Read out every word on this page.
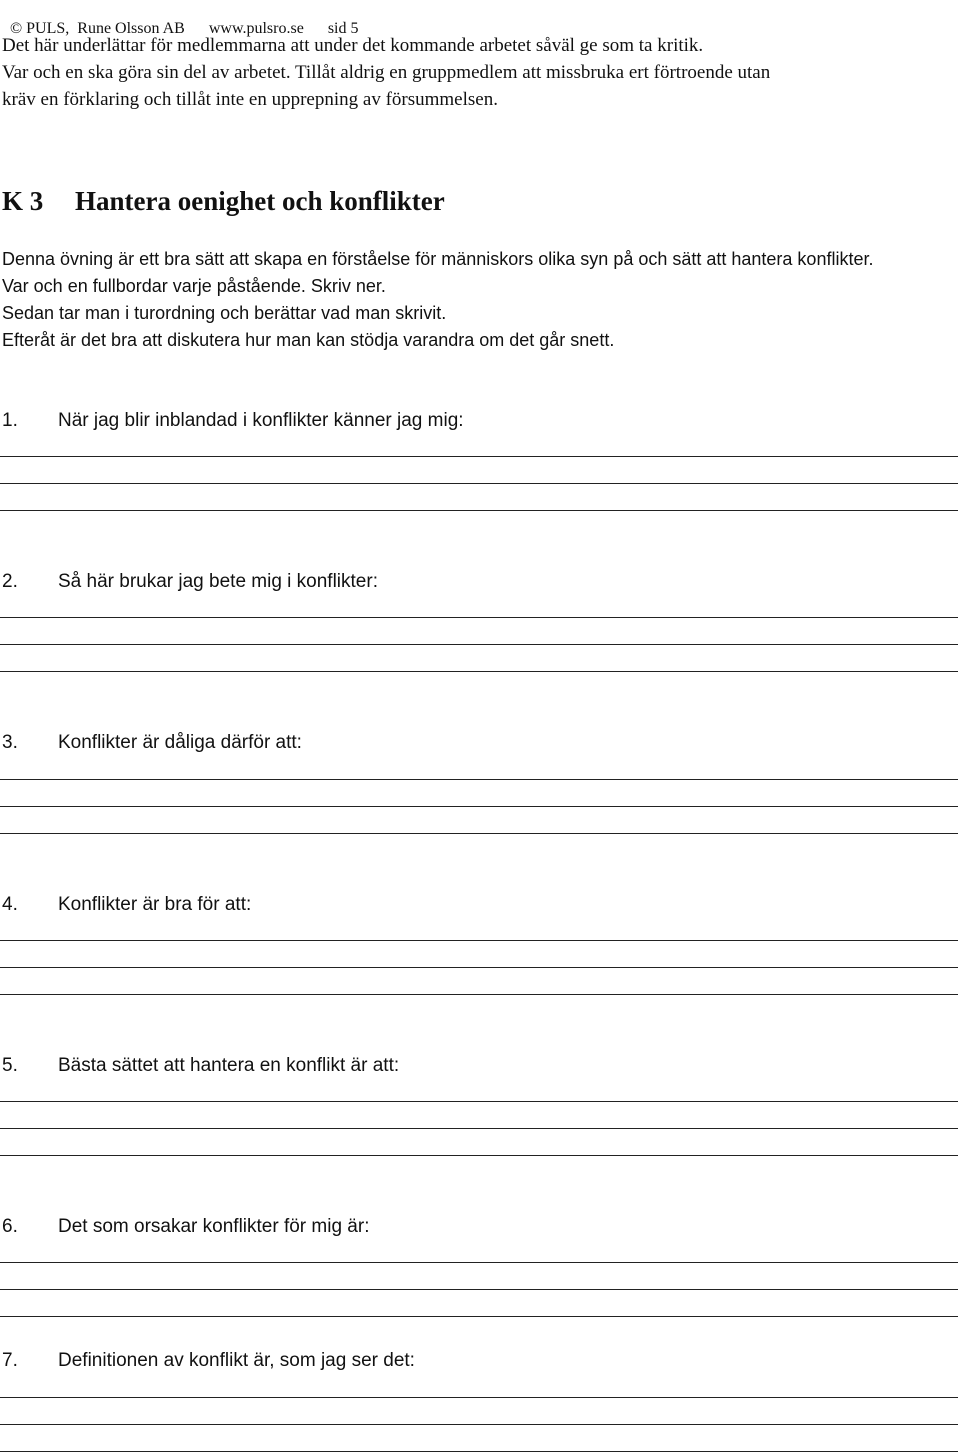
© PULS,  Rune Olsson AB www.pulsro.se sid 5

Det här underlättar för medlemmarna att under det kommande arbetet såväl ge som ta kritik.
Var och en ska göra sin del av arbetet. Tillåt aldrig en gruppmedlem att missbruka ert förtroende utan
kräv en förklaring och tillåt inte en upprepning av försummelsen.
K 3 Hantera oenighet och konflikter
Denna övning är ett bra sätt att skapa en förståelse för människors olika syn på och sätt att hantera konflikter.
Var och en fullbordar varje påstående. Skriv ner.
Sedan tar man i turordning och berättar vad man skrivit.
Efteråt är det bra att diskutera hur man kan stödja varandra om det går snett.
1. När jag blir inblandad i konflikter känner jag mig:
2. Så här brukar jag bete mig i konflikter:
3. Konflikter är dåliga därför att:
4. Konflikter är bra för att:
5. Bästa sättet att hantera en konflikt är att:
6. Det som orsakar konflikter för mig är:
7. Definitionen av konflikt är, som jag ser det:
